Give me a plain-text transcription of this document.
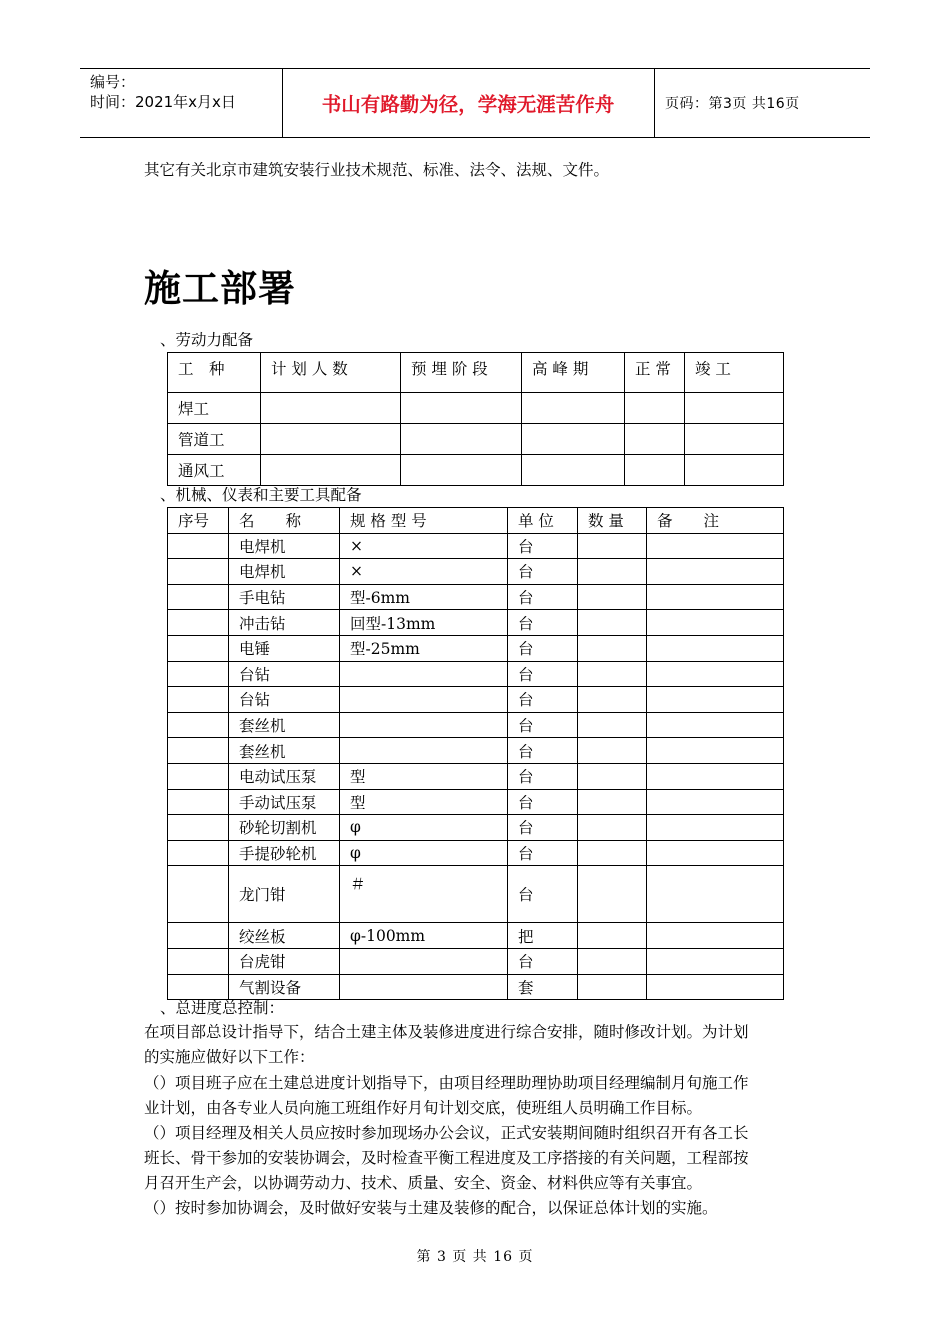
编号：
时间：2021年x月x日	书山有路勤为径，学海无涯苦作舟	页码：第3页 共16页
其它有关北京市建筑安装行业技术规范、标准、法令、法规、文件。
施工部署
、劳动力配备
工　种	计 划 人 数	预 埋 阶 段	高 峰 期	正 常	竣 工
焊工					
管道工					
通风工					
、机械、仪表和主要工具配备
序号	名　　称	规 格 型 号	单 位	数 量	备　　注
	电焊机	×	台		
	电焊机	×	台		
	手电钻	型-6mm	台		
	冲击钻	回型-13mm	台		
	电锤	型-25mm	台		
	台钻		台		
	台钻		台		
	套丝机		台		
	套丝机		台		
	电动试压泵	型	台		
	手动试压泵	型	台		
	砂轮切割机	φ	台		
	手提砂轮机	φ	台		
	龙门钳	＃	台		
	绞丝板	φ-100mm	把		
	台虎钳		台		
	气割设备		套		
、总进度总控制：
在项目部总设计指导下，结合土建主体及装修进度进行综合安排，随时修改计划。为计划
的实施应做好以下工作：
（）项目班子应在土建总进度计划指导下，由项目经理助理协助项目经理编制月旬施工作
业计划，由各专业人员向施工班组作好月旬计划交底，使班组人员明确工作目标。
（）项目经理及相关人员应按时参加现场办公会议，正式安装期间随时组织召开有各工长
班长、骨干参加的安装协调会，及时检查平衡工程进度及工序搭接的有关问题，工程部按
月召开生产会，以协调劳动力、技术、质量、安全、资金、材料供应等有关事宜。
（）按时参加协调会，及时做好安装与土建及装修的配合，以保证总体计划的实施。
第 3 页 共 16 页
